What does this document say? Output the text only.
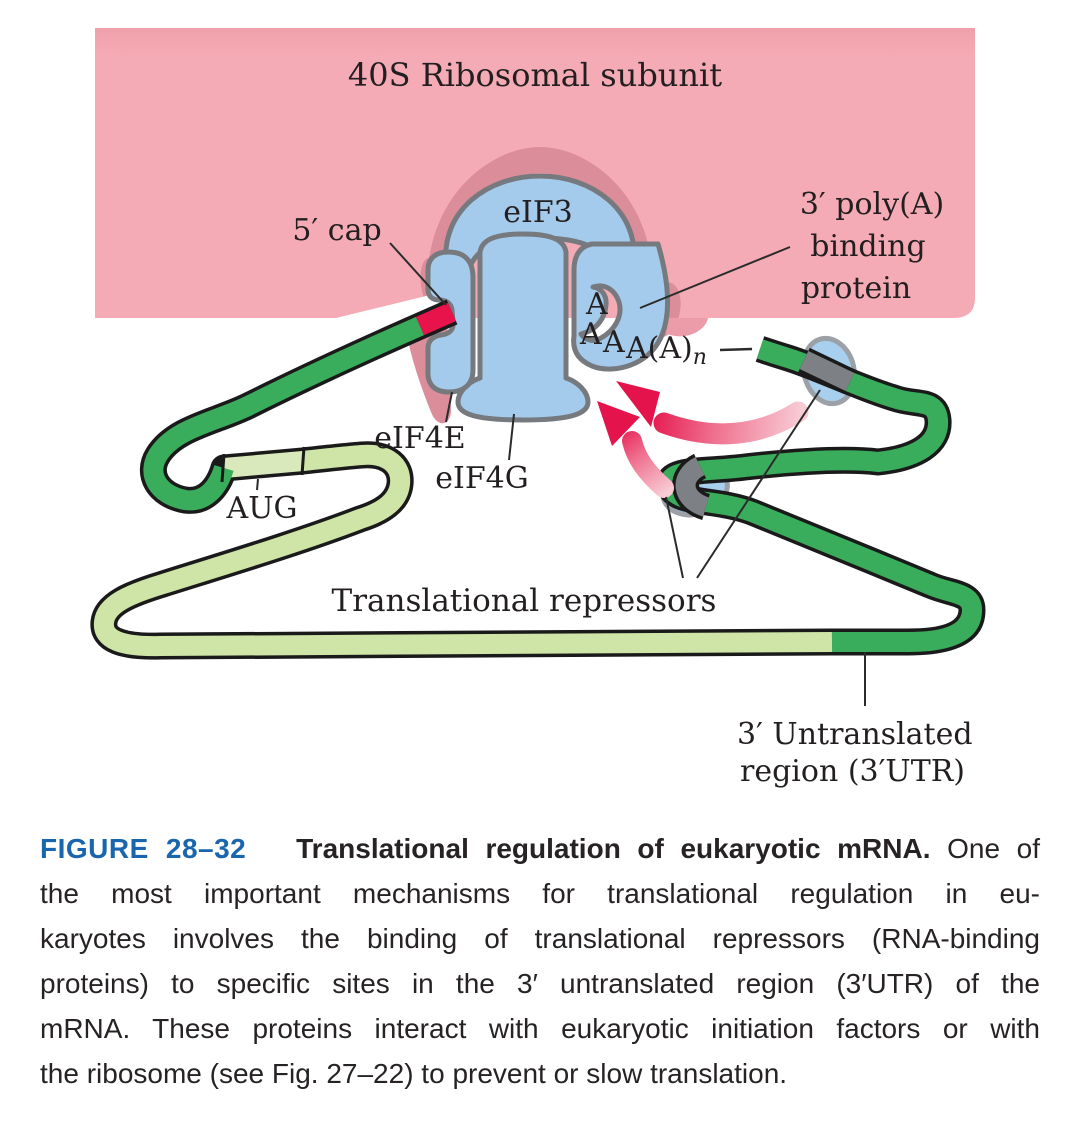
40S Ribosomal subunit
5′ cap
eIF3	3′ poly(A)
binding
protein
eIF4E
eIF4G
AUG
Translational repressors
A
A A $A(A)_n$
3′ Untranslated
region (3′UTR)
FIGURE 28–32 Translational regulation of eukaryotic mRNA. One of
the most important mechanisms for translational regulation in eu-
karyotes involves the binding of translational repressors (RNA-binding
proteins) to specific sites in the 3′ untranslated region (3′UTR) of the
mRNA. These proteins interact with eukaryotic initiation factors or with
the ribosome (see Fig. 27–22) to prevent or slow translation.
